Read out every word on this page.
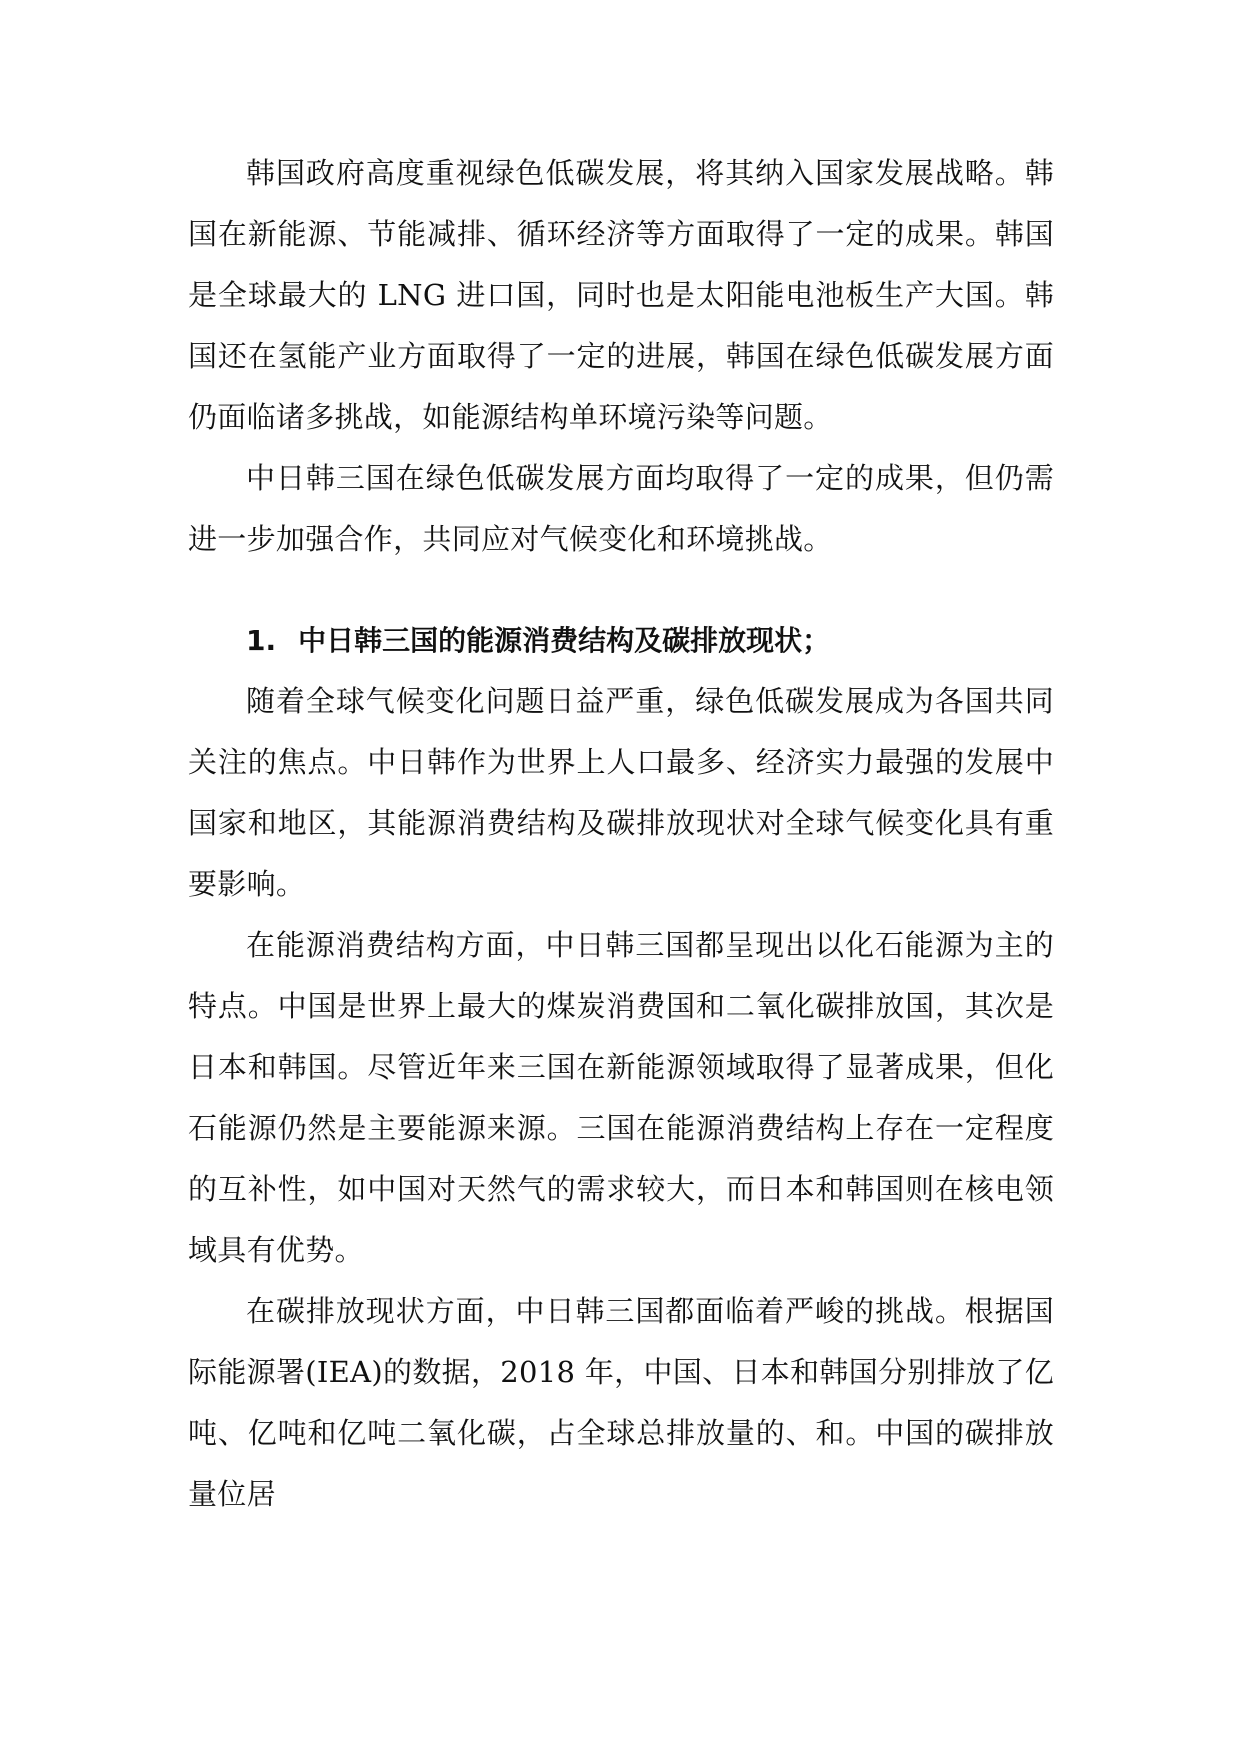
韩国政府高度重视绿色低碳发展，将其纳入国家发展战略。韩国在新能源、节能减排、循环经济等方面取得了一定的成果。韩国是全球最大的 LNG 进口国，同时也是太阳能电池板生产大国。韩国还在氢能产业方面取得了一定的进展，韩国在绿色低碳发展方面仍面临诸多挑战，如能源结构单环境污染等问题。

中日韩三国在绿色低碳发展方面均取得了一定的成果，但仍需进一步加强合作，共同应对气候变化和环境挑战。

1. 中日韩三国的能源消费结构及碳排放现状；

随着全球气候变化问题日益严重，绿色低碳发展成为各国共同关注的焦点。中日韩作为世界上人口最多、经济实力最强的发展中国家和地区，其能源消费结构及碳排放现状对全球气候变化具有重要影响。

在能源消费结构方面，中日韩三国都呈现出以化石能源为主的特点。中国是世界上最大的煤炭消费国和二氧化碳排放国，其次是日本和韩国。尽管近年来三国在新能源领域取得了显著成果，但化石能源仍然是主要能源来源。三国在能源消费结构上存在一定程度的互补性，如中国对天然气的需求较大，而日本和韩国则在核电领域具有优势。

在碳排放现状方面，中日韩三国都面临着严峻的挑战。根据国际能源署(IEA)的数据，2018 年，中国、日本和韩国分别排放了亿吨、亿吨和亿吨二氧化碳，占全球总排放量的、和。中国的碳排放量位居
